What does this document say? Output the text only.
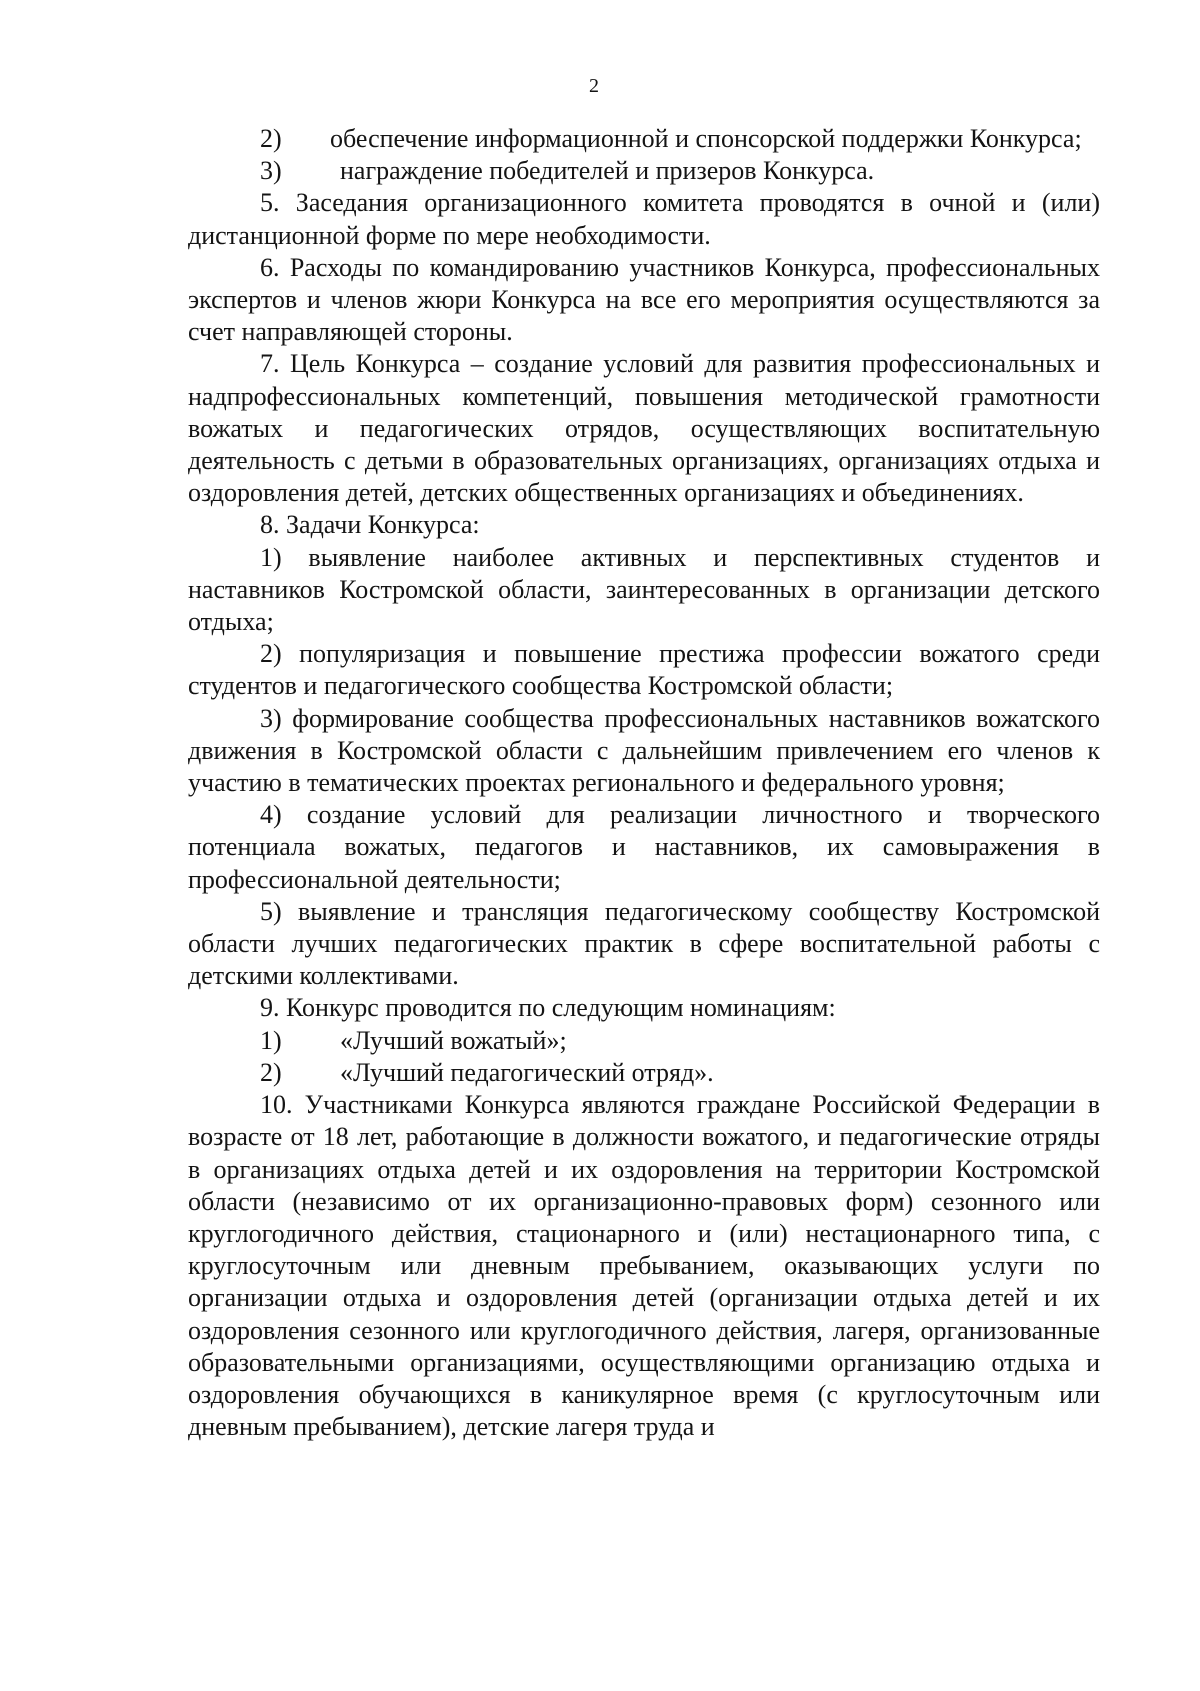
2

2) обеспечение информационной и спонсорской поддержки Конкурса;

3)	награждение победителей и призеров Конкурса.

5. Заседания организационного комитета проводятся в очной и (или) дистанционной форме по мере необходимости.

6. Расходы по командированию участников Конкурса, профессиональных экспертов и членов жюри Конкурса на все его мероприятия осуществляются за счет направляющей стороны.

7. Цель Конкурса – создание условий для развития профессиональных и надпрофессиональных компетенций, повышения методической грамотности вожатых и педагогических отрядов, осуществляющих воспитательную деятельность с детьми в образовательных организациях, организациях отдыха и оздоровления детей, детских общественных организациях и объединениях.

8. Задачи Конкурса:

1) выявление наиболее активных и перспективных студентов и наставников Костромской области, заинтересованных в организации детского отдыха;

2) популяризация и повышение престижа профессии вожатого среди студентов и педагогического сообщества Костромской области;

3) формирование сообщества профессиональных наставников вожатского движения в Костромской области с дальнейшим привлечением его членов к участию в тематических проектах регионального и федерального уровня;

4) создание условий для реализации личностного и творческого потенциала вожатых, педагогов и наставников, их самовыражения в профессиональной деятельности;

5) выявление и трансляция педагогическому сообществу Костромской области лучших педагогических практик в сфере воспитательной работы с детскими коллективами.

9. Конкурс проводится по следующим номинациям:

1)	«Лучший вожатый»;

2)	«Лучший педагогический отряд».

10. Участниками Конкурса являются граждане Российской Федерации в возрасте от 18 лет, работающие в должности вожатого, и педагогические отряды в организациях отдыха детей и их оздоровления на территории Костромской области (независимо от их организационно-правовых форм) сезонного или круглогодичного действия, стационарного и (или) нестационарного типа, с круглосуточным или дневным пребыванием, оказывающих услуги по организации отдыха и оздоровления детей (организации отдыха детей и их оздоровления сезонного или круглогодичного действия, лагеря, организованные образовательными организациями, осуществляющими организацию отдыха и оздоровления обучающихся в каникулярное время (с круглосуточным или дневным пребыванием), детские лагеря труда и
